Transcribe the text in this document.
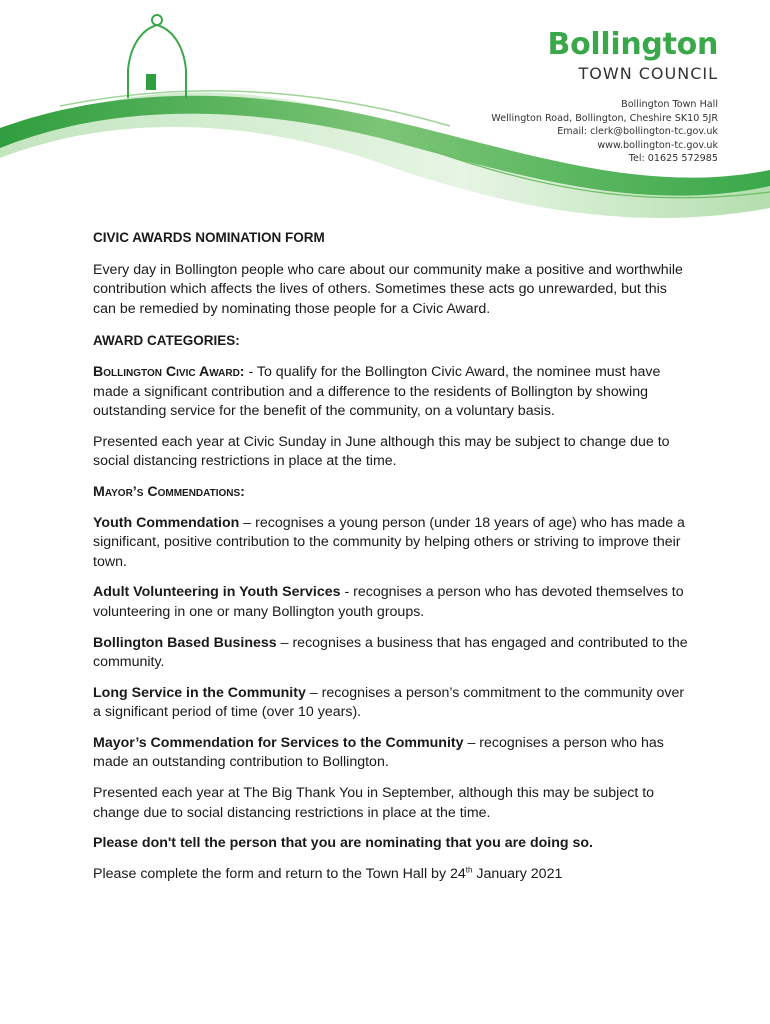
Bollington
TOWN COUNCIL
Bollington Town Hall
Wellington Road, Bollington, Cheshire SK10 5JR
Email: clerk@bollington-tc.gov.uk
www.bollington-tc.gov.uk
Tel: 01625 572985

CIVIC AWARDS NOMINATION FORM

Every day in Bollington people who care about our community make a positive and worthwhile contribution which affects the lives of others. Sometimes these acts go unrewarded, but this can be remedied by nominating those people for a Civic Award.

AWARD CATEGORIES:

Bollington Civic Award: - To qualify for the Bollington Civic Award, the nominee must have made a significant contribution and a difference to the residents of Bollington by showing outstanding service for the benefit of the community, on a voluntary basis.

Presented each year at Civic Sunday in June although this may be subject to change due to social distancing restrictions in place at the time.

Mayor’s Commendations:

Youth Commendation – recognises a young person (under 18 years of age) who has made a significant, positive contribution to the community by helping others or striving to improve their town.

Adult Volunteering in Youth Services - recognises a person who has devoted themselves to volunteering in one or many Bollington youth groups.

Bollington Based Business – recognises a business that has engaged and contributed to the community.

Long Service in the Community – recognises a person’s commitment to the community over a significant period of time (over 10 years).

Mayor’s Commendation for Services to the Community – recognises a person who has made an outstanding contribution to Bollington.

Presented each year at The Big Thank You in September, although this may be subject to change due to social distancing restrictions in place at the time.

Please don't tell the person that you are nominating that you are doing so.

Please complete the form and return to the Town Hall by 24th January 2021
